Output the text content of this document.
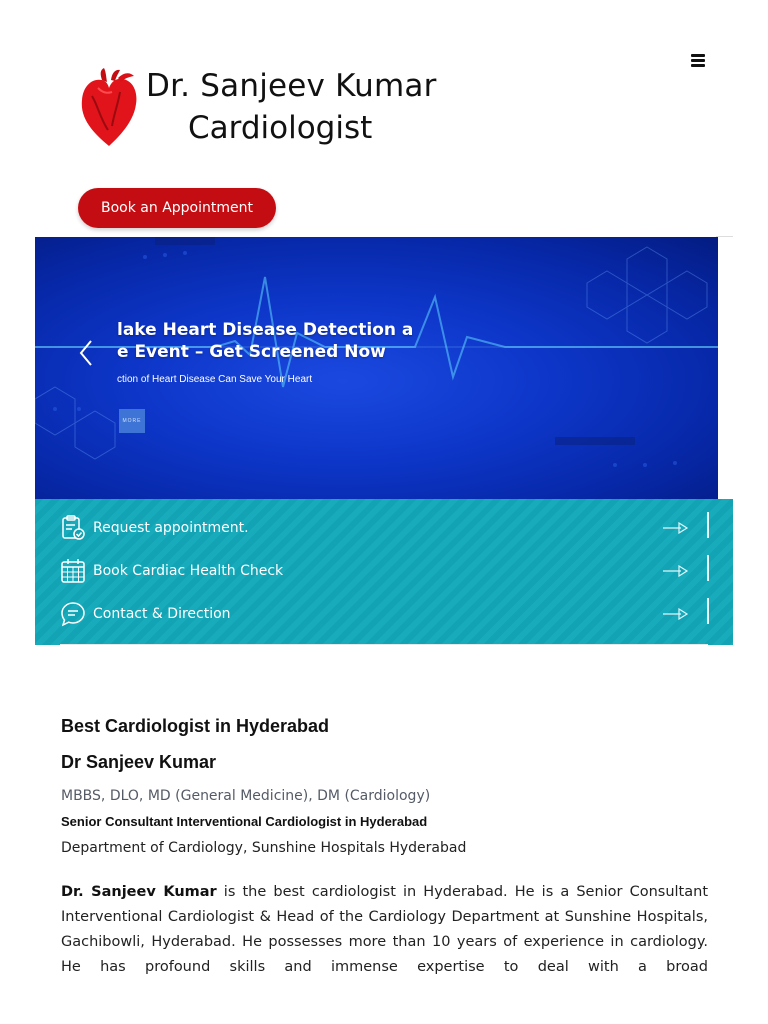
Dr. Sanjeev Kumar
Cardiologist
Book an Appointment
lake Heart Disease Detection a
e Event – Get Screened Now
ction of Heart Disease Can Save Your Heart
MORE
Request appointment.
Book Cardiac Health Check
Contact & Direction
Best Cardiologist in Hyderabad
Dr Sanjeev Kumar
MBBS, DLO, MD (General Medicine), DM (Cardiology)
Senior Consultant Interventional Cardiologist in Hyderabad
Department of Cardiology, Sunshine Hospitals Hyderabad

Dr. Sanjeev Kumar is the best cardiologist in Hyderabad. He is a Senior Consultant Interventional Cardiologist & Head of the Cardiology Department at Sunshine Hospitals, Gachibowli, Hyderabad. He possesses more than 10 years of experience in cardiology. He has profound skills and immense expertise to deal with a broad
